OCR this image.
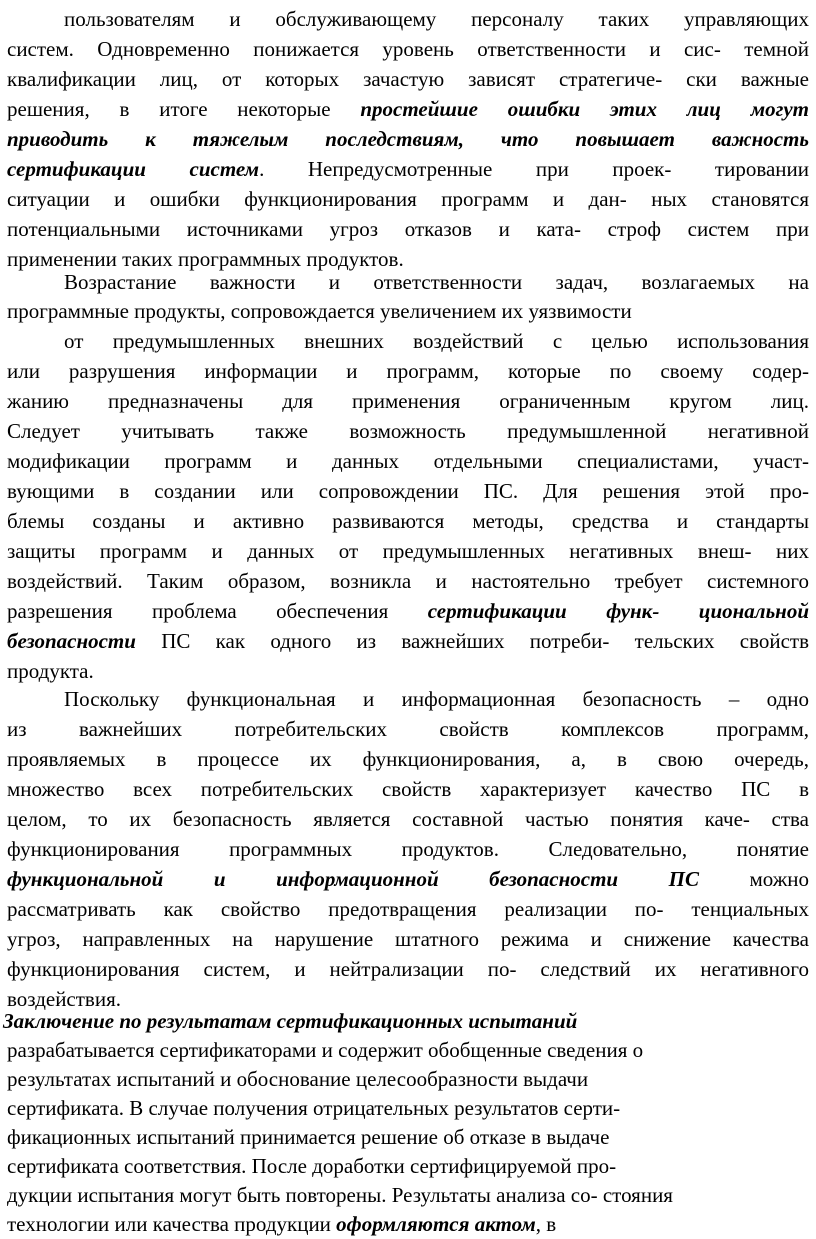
пользователям и обслуживающему персоналу таких управляющих
систем. Одновременно понижается уровень ответственности и сис- темной
квалификации лиц, от которых зачастую зависят стратегиче- ски важные
решения, в итоге некоторые простейшие ошибки этих лиц могут
приводить к тяжелым последствиям, что повышает важность
сертификации систем. Непредусмотренные при проек- тировании
ситуации и ошибки функционирования программ и дан- ных становятся
потенциальными источниками угроз отказов и ката- строф систем при
применении таких программных продуктов.
Возрастание важности и ответственности задач, возлагаемых на
программные продукты, сопровождается увеличением их уязвимости
от предумышленных внешних воздействий с целью использования
или разрушения информации и программ, которые по своему содер-
жанию предназначены для применения ограниченным кругом лиц.
Следует учитывать также возможность предумышленной негативной
модификации программ и данных отдельными специалистами, участ-
вующими в создании или сопровождении ПС. Для решения этой про-
блемы созданы и активно развиваются методы, средства и стандарты
защиты программ и данных от предумышленных негативных внеш- них
воздействий. Таким образом, возникла и настоятельно требует системного
разрешения проблема обеспечения сертификации функ- циональной
безопасности ПС как одного из важнейших потреби- тельских свойств
продукта.
Поскольку функциональная и информационная безопасность – одно
из важнейших потребительских свойств комплексов программ,
проявляемых в процессе их функционирования, а, в свою очередь,
множество всех потребительских свойств характеризует качество ПС в
целом, то их безопасность является составной частью понятия каче- ства
функционирования программных продуктов. Следовательно, понятие
функциональной и информационной безопасности ПС можно
рассматривать как свойство предотвращения реализации по- тенциальных
угроз, направленных на нарушение штатного режима и снижение качества
функционирования систем, и нейтрализации по- следствий их негативного
воздействия.
Заключение по результатам сертификационных испытаний
разрабатывается сертификаторами и содержит обобщенные сведения о
результатах испытаний и обоснование целесообразности выдачи
сертификата. В случае получения отрицательных результатов серти-
фикационных испытаний принимается решение об отказе в выдаче
сертификата соответствия. После доработки сертифицируемой про-
дукции испытания могут быть повторены. Результаты анализа со- стояния
технологии или качества продукции оформляются актом, в
